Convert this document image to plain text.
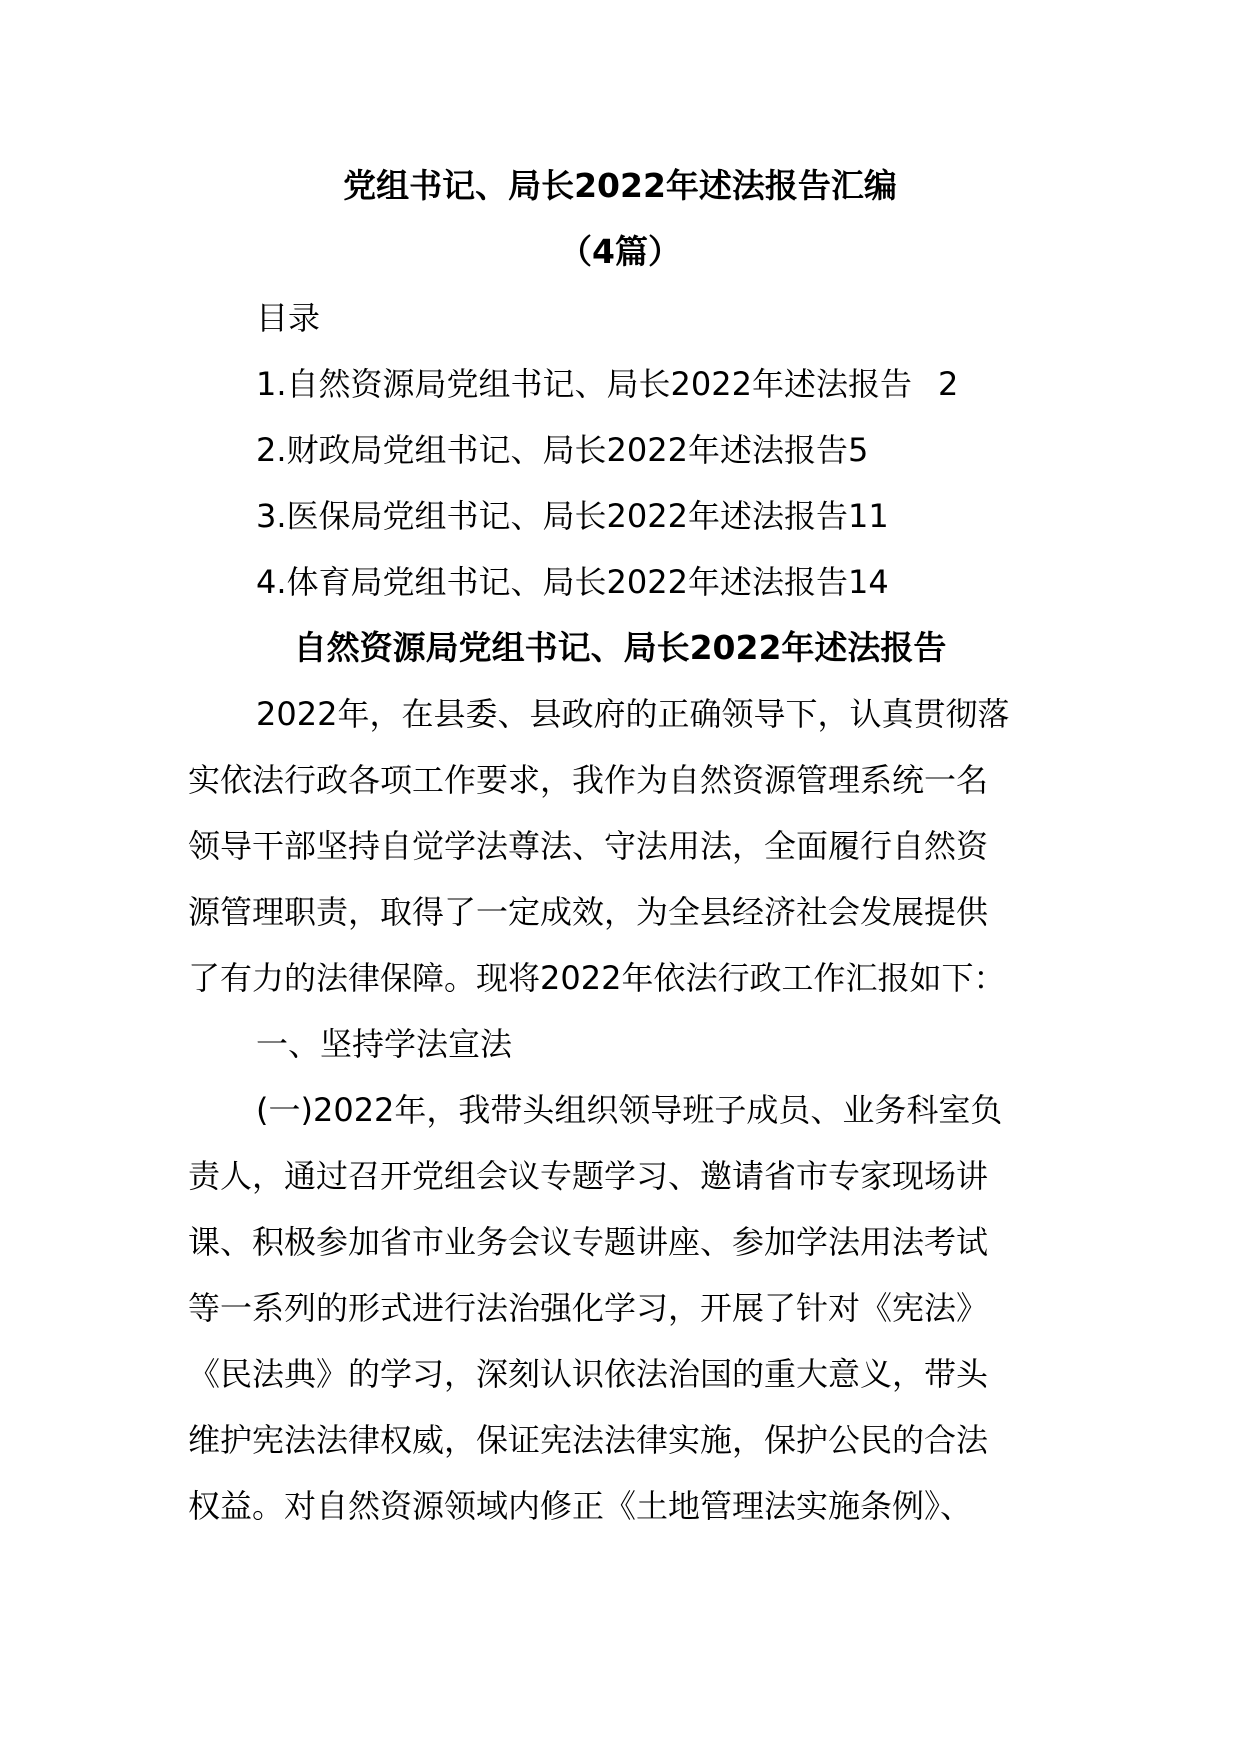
党组书记、局长2022年述法报告汇编
（4篇）
目录
1.自然资源局党组书记、局长2022年述法报告 2
2.财政局党组书记、局长2022年述法报告5
3.医保局党组书记、局长2022年述法报告11
4.体育局党组书记、局长2022年述法报告14
自然资源局党组书记、局长2022年述法报告
2022年，在县委、县政府的正确领导下，认真贯彻落
实依法行政各项工作要求，我作为自然资源管理系统一名
领导干部坚持自觉学法尊法、守法用法，全面履行自然资
源管理职责，取得了一定成效，为全县经济社会发展提供
了有力的法律保障。现将2022年依法行政工作汇报如下：
一、坚持学法宣法
(一)2022年，我带头组织领导班子成员、业务科室负
责人，通过召开党组会议专题学习、邀请省市专家现场讲
课、积极参加省市业务会议专题讲座、参加学法用法考试
等一系列的形式进行法治强化学习，开展了针对《宪法》
《民法典》的学习，深刻认识依法治国的重大意义，带头
维护宪法法律权威，保证宪法法律实施，保护公民的合法
权益。对自然资源领域内修正《土地管理法实施条例》、
